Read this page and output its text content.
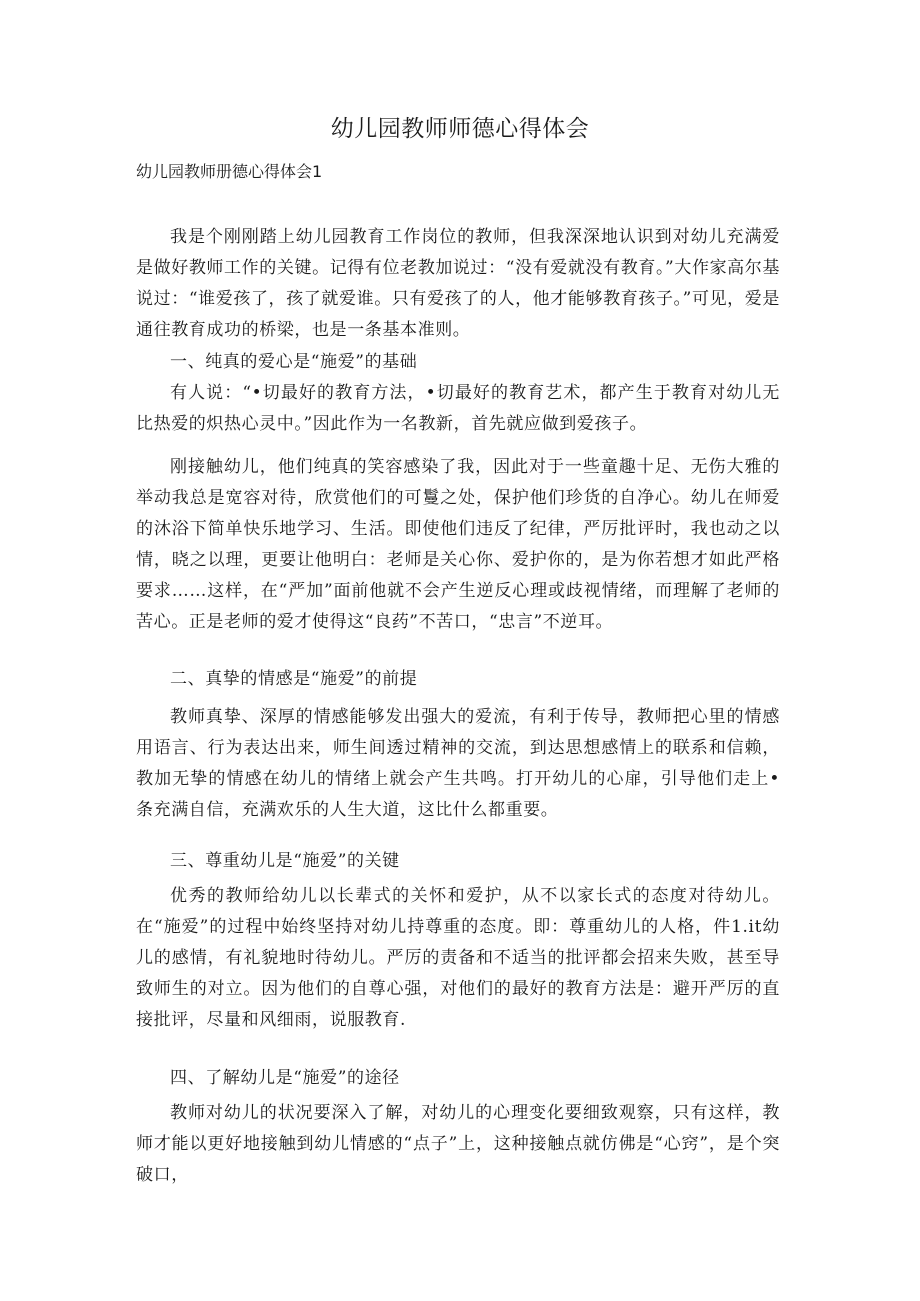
幼儿园教师师德心得体会

幼儿园教师册德心得体会1

我是个刚刚踏上幼儿园教育工作岗位的教师，但我深深地认识到对幼儿充满爱是做好教师工作的关键。记得有位老教加说过：“没有爱就没有教育。”大作家高尔基说过：“谁爱孩了，孩了就爱谁。只有爱孩了的人，他才能够教育孩子。”可见，爱是通往教育成功的桥梁，也是一条基本准则。

一、纯真的爱心是“施爱”的基础

有人说：“•切最好的教育方法，•切最好的教育艺术，都产生于教育对幼儿无比热爱的炽热心灵中。”因此作为一名教新，首先就应做到爱孩子。

刚接触幼儿，他们纯真的笑容感染了我，因此对于一些童趣十足、无伤大雅的举动我总是宽容对待，欣赏他们的可鬘之处，保护他们珍货的自净心。幼儿在师爱的沐浴下简单快乐地学习、生活。即使他们违反了纪律，严厉批评时，我也动之以情，晓之以理，更要让他明白：老师是关心你、爱护你的，是为你若想才如此严格要求……这样，在“严加”面前他就不会产生逆反心理或歧视情绪，而理解了老师的苦心。正是老师的爱才使得这“良药”不苦口，“忠言”不逆耳。

二、真挚的情感是“施爱”的前提

教师真挚、深厚的情感能够发出强大的爱流，有利于传导，教师把心里的情感用语言、行为表达出来，师生间透过精神的交流，到达思想感情上的联系和信赖，教加无挚的情感在幼儿的情绪上就会产生共鸣。打开幼儿的心扉，引导他们走上•条充满自信，充满欢乐的人生大道，这比什么都重要。

三、尊重幼儿是“施爱”的关键

优秀的教师给幼儿以长辈式的关怀和爱护，从不以家长式的态度对待幼儿。在“施爱”的过程中始终坚持对幼儿持尊重的态度。即：尊重幼儿的人格，件1.it幼儿的感情，有礼貌地时待幼儿。严厉的责备和不适当的批评都会招来失败，甚至导致师生的对立。因为他们的自尊心强，对他们的最好的教育方法是：避开严厉的直接批评，尽量和风细雨，说服教育.

四、了解幼儿是“施爱”的途径

教师对幼儿的状况要深入了解，对幼儿的心理变化要细致观察，只有这样，教师才能以更好地接触到幼儿情感的“点子”上，这种接触点就仿佛是“心窍”，是个突破口，
